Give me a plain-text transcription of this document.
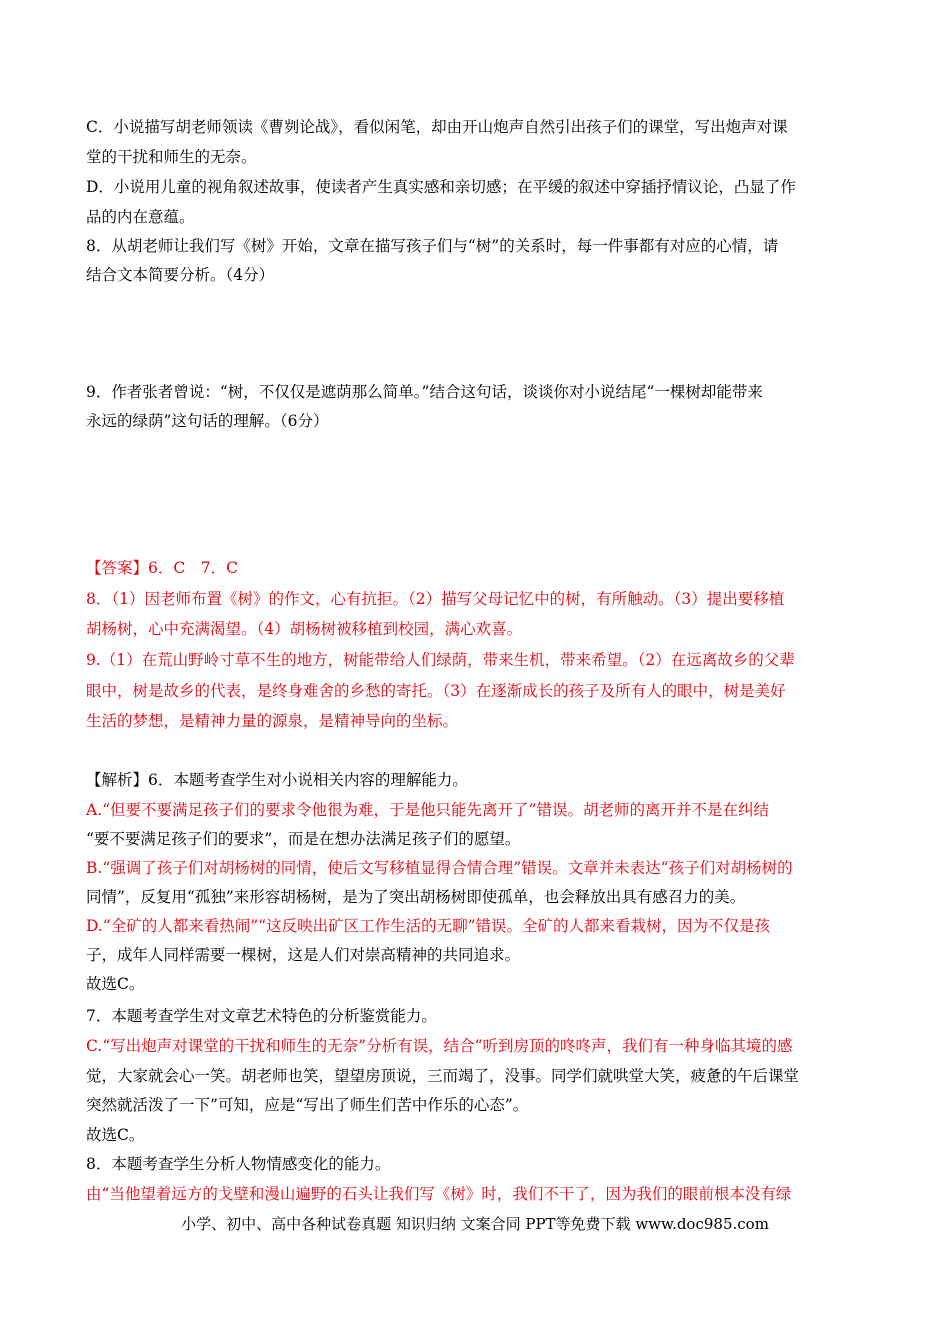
C．小说描写胡老师领读《曹刿论战》，看似闲笔，却由开山炮声自然引出孩子们的课堂，写出炮声对课
堂的干扰和师生的无奈。
D．小说用儿童的视角叙述故事，使读者产生真实感和亲切感；在平缓的叙述中穿插抒情议论，凸显了作
品的内在意蕴。
8．从胡老师让我们写《树》开始，文章在描写孩子们与“树”的关系时，每一件事都有对应的心情，请
结合文本简要分析。（4分）
9．作者张者曾说：“树，不仅仅是遮荫那么简单。”结合这句话，谈谈你对小说结尾“一棵树却能带来
永远的绿荫”这句话的理解。（6分）
【答案】6．C　7．C
8．（1）因老师布置《树》的作文，心有抗拒。（2）描写父母记忆中的树，有所触动。（3）提出要移植
胡杨树，心中充满渴望。（4）胡杨树被移植到校园，满心欢喜。
9.（1）在荒山野岭寸草不生的地方，树能带给人们绿荫，带来生机，带来希望。（2）在远离故乡的父辈
眼中，树是故乡的代表，是终身难舍的乡愁的寄托。（3）在逐渐成长的孩子及所有人的眼中，树是美好
生活的梦想，是精神力量的源泉，是精神导向的坐标。
【解析】6．本题考查学生对小说相关内容的理解能力。
A.“但要不要满足孩子们的要求令他很为难，于是他只能先离开了”错误。胡老师的离开并不是在纠结
“要不要满足孩子们的要求”，而是在想办法满足孩子们的愿望。
B.“强调了孩子们对胡杨树的同情，使后文写移植显得合情合理”错误。文章并未表达“孩子们对胡杨树的
同情”，反复用“孤独”来形容胡杨树，是为了突出胡杨树即使孤单，也会释放出具有感召力的美。
D.“全矿的人都来看热闹”“这反映出矿区工作生活的无聊”错误。全矿的人都来看栽树，因为不仅是孩
子，成年人同样需要一棵树，这是人们对崇高精神的共同追求。
故选C。
7．本题考查学生对文章艺术特色的分析鉴赏能力。
C.“写出炮声对课堂的干扰和师生的无奈”分析有误，结合“听到房顶的咚咚声，我们有一种身临其境的感
觉，大家就会心一笑。胡老师也笑，望望房顶说，三而竭了，没事。同学们就哄堂大笑，疲惫的午后课堂
突然就活泼了一下”可知，应是“写出了师生们苦中作乐的心态”。
故选C。
8．本题考查学生分析人物情感变化的能力。
由“当他望着远方的戈壁和漫山遍野的石头让我们写《树》时，我们不干了，因为我们的眼前根本没有绿
小学、初中、高中各种试卷真题 知识归纳 文案合同 PPT等免费下载 www.doc985.com
